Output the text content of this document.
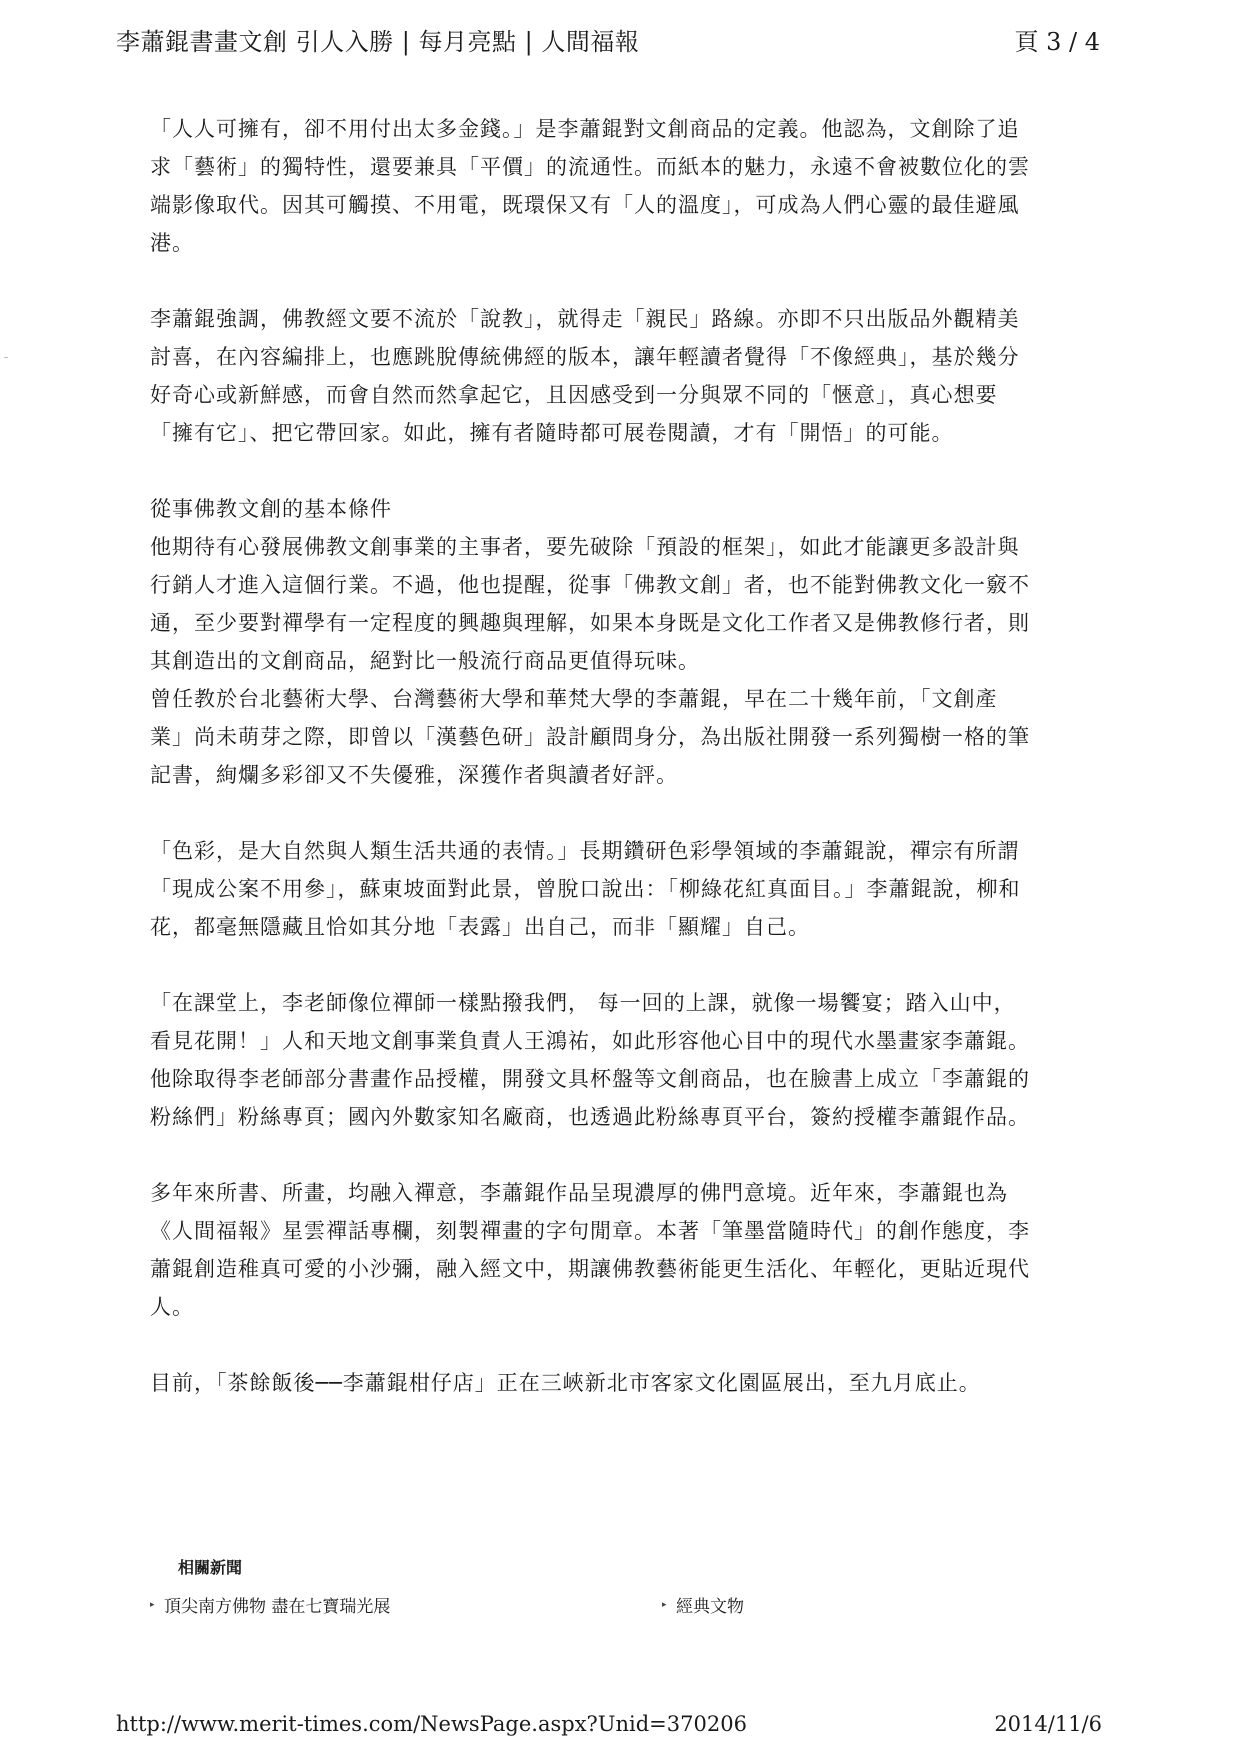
李蕭錕書畫文創 引人入勝 | 每月亮點 | 人間福報	頁 3 / 4

「人人可擁有，卻不用付出太多金錢。」是李蕭錕對文創商品的定義。他認為，文創除了追求「藝術」的獨特性，還要兼具「平價」的流通性。而紙本的魅力，永遠不會被數位化的雲端影像取代。因其可觸摸、不用電，既環保又有「人的溫度」，可成為人們心靈的最佳避風港。

李蕭錕強調，佛教經文要不流於「說教」，就得走「親民」路線。亦即不只出版品外觀精美討喜，在內容編排上，也應跳脫傳統佛經的版本，讓年輕讀者覺得「不像經典」，基於幾分好奇心或新鮮感，而會自然而然拿起它，且因感受到一分與眾不同的「愜意」，真心想要「擁有它」、把它帶回家。如此，擁有者隨時都可展卷閱讀，才有「開悟」的可能。

從事佛教文創的基本條件

他期待有心發展佛教文創事業的主事者，要先破除「預設的框架」，如此才能讓更多設計與行銷人才進入這個行業。不過，他也提醒，從事「佛教文創」者，也不能對佛教文化一竅不通，至少要對禪學有一定程度的興趣與理解，如果本身既是文化工作者又是佛教修行者，則其創造出的文創商品，絕對比一般流行商品更值得玩味。

曾任教於台北藝術大學、台灣藝術大學和華梵大學的李蕭錕，早在二十幾年前，「文創產業」尚未萌芽之際，即曾以「漢藝色研」設計顧問身分，為出版社開發一系列獨樹一格的筆記書，絢爛多彩卻又不失優雅，深獲作者與讀者好評。

「色彩，是大自然與人類生活共通的表情。」長期鑽研色彩學領域的李蕭錕說，禪宗有所謂「現成公案不用參」，蘇東坡面對此景，曾脫口說出：「柳綠花紅真面目。」李蕭錕說，柳和花，都毫無隱藏且恰如其分地「表露」出自己，而非「顯耀」自己。

「在課堂上，李老師像位禪師一樣點撥我們， 每一回的上課，就像一場饗宴；踏入山中，看見花開！」人和天地文創事業負責人王鴻祐，如此形容他心目中的現代水墨畫家李蕭錕。他除取得李老師部分書畫作品授權，開發文具杯盤等文創商品，也在臉書上成立「李蕭錕的粉絲們」粉絲專頁；國內外數家知名廠商，也透過此粉絲專頁平台，簽約授權李蕭錕作品。

多年來所書、所畫，均融入禪意，李蕭錕作品呈現濃厚的佛門意境。近年來，李蕭錕也為《人間福報》星雲禪話專欄，刻製禪畫的字句閒章。本著「筆墨當隨時代」的創作態度，李蕭錕創造稚真可愛的小沙彌，融入經文中，期讓佛教藝術能更生活化、年輕化，更貼近現代人。

目前，「茶餘飯後──李蕭錕柑仔店」正在三峽新北市客家文化園區展出，至九月底止。

相關新聞
▸ 頂尖南方佛物 盡在七寶瑞光展	▸ 經典文物
http://www.merit-times.com/NewsPage.aspx?Unid=370206	2014/11/6
